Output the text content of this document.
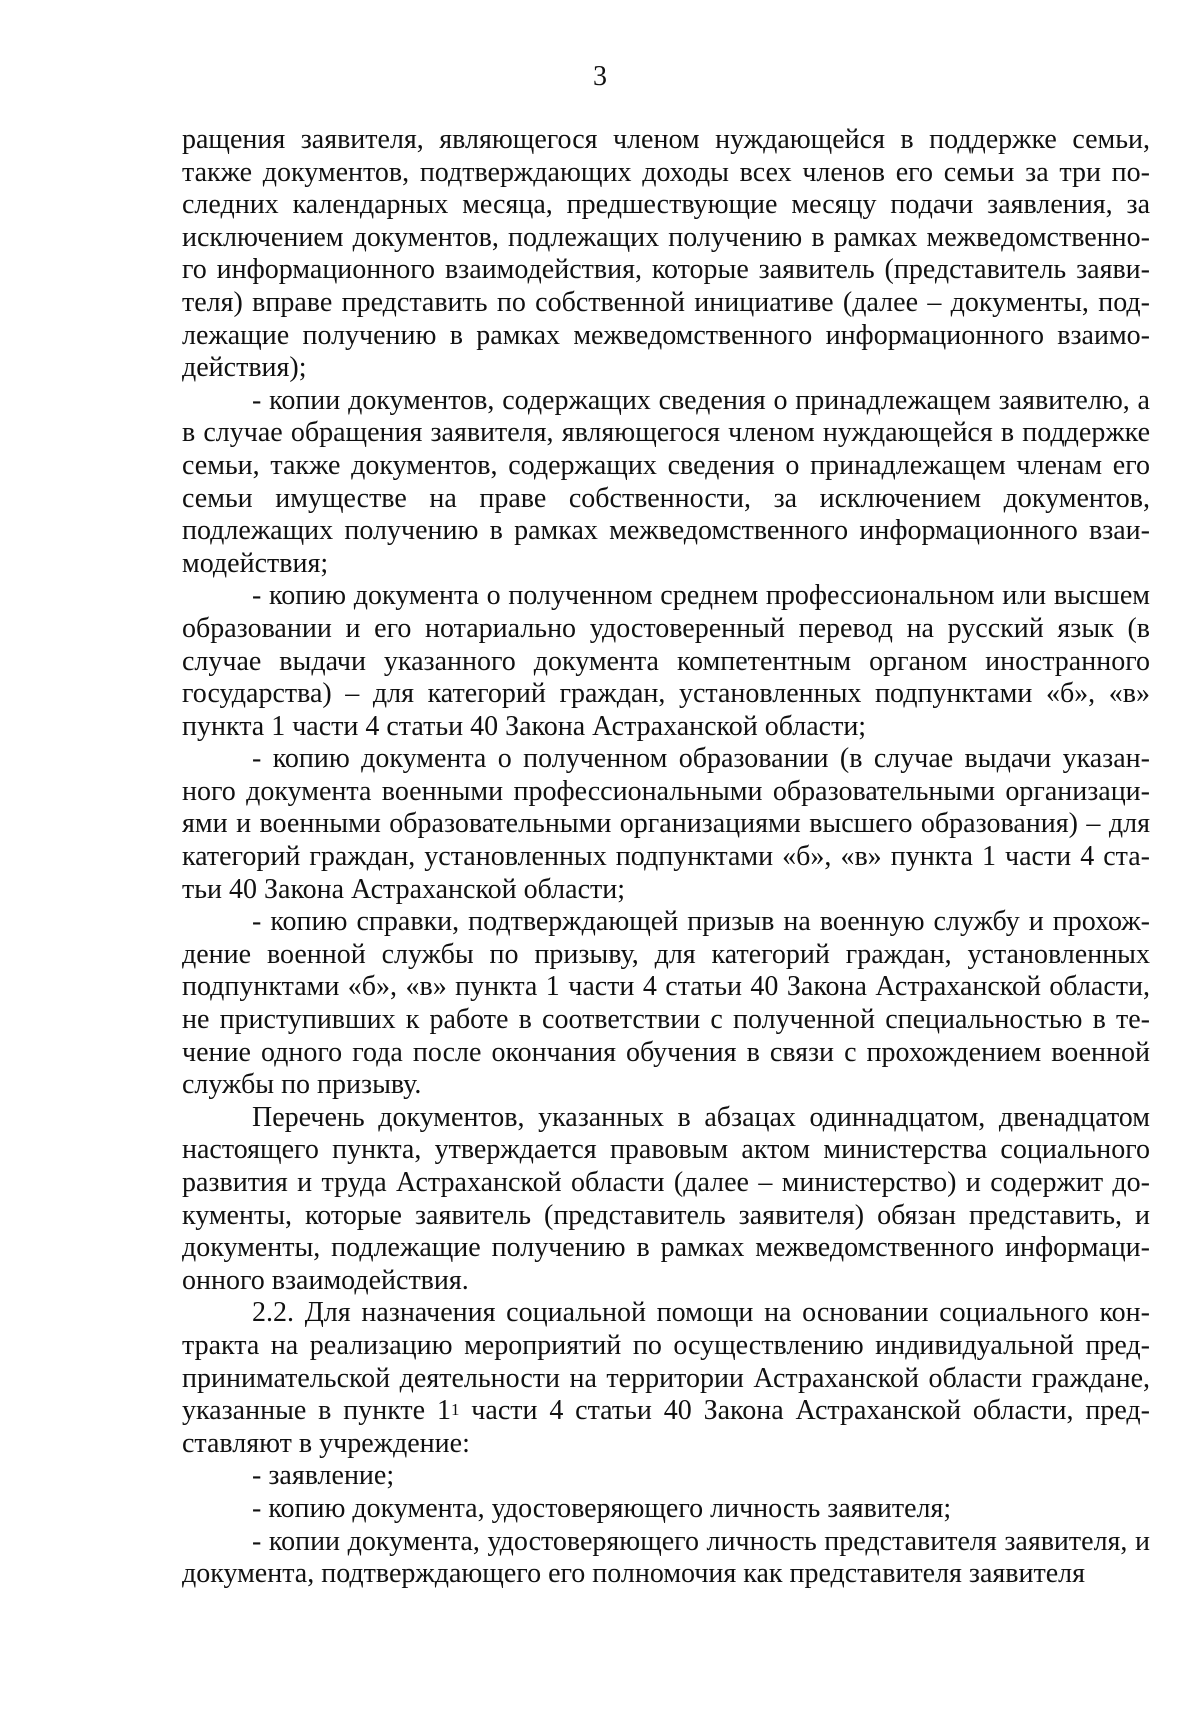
3

ращения заявителя, являющегося членом нуждающейся в поддержке семьи, также документов, подтверждающих доходы всех членов его семьи за три последних календарных месяца, предшествующие месяцу подачи заявления, за исключением документов, подлежащих получению в рамках межведомственного информационного взаимодействия, которые заявитель (представитель заявителя) вправе представить по собственной инициативе (далее – документы, подлежащие получению в рамках межведомственного информационного взаимодействия);

- копии документов, содержащих сведения о принадлежащем заявителю, а в случае обращения заявителя, являющегося членом нуждающейся в поддержке семьи, также документов, содержащих сведения о принадлежащем членам его семьи имуществе на праве собственности, за исключением документов, подлежащих получению в рамках межведомственного информационного взаимодействия;

- копию документа о полученном среднем профессиональном или высшем образовании и его нотариально удостоверенный перевод на русский язык (в случае выдачи указанного документа компетентным органом иностранного государства) – для категорий граждан, установленных подпунктами «б», «в» пункта 1 части 4 статьи 40 Закона Астраханской области;

- копию документа о полученном образовании (в случае выдачи указанного документа военными профессиональными образовательными организациями и военными образовательными организациями высшего образования) – для категорий граждан, установленных подпунктами «б», «в» пункта 1 части 4 статьи 40 Закона Астраханской области;

- копию справки, подтверждающей призыв на военную службу и прохождение военной службы по призыву, для категорий граждан, установленных подпунктами «б», «в» пункта 1 части 4 статьи 40 Закона Астраханской области, не приступивших к работе в соответствии с полученной специальностью в течение одного года после окончания обучения в связи с прохождением военной службы по призыву.

Перечень документов, указанных в абзацах одиннадцатом, двенадцатом настоящего пункта, утверждается правовым актом министерства социального развития и труда Астраханской области (далее – министерство) и содержит документы, которые заявитель (представитель заявителя) обязан представить, и документы, подлежащие получению в рамках межведомственного информационного взаимодействия.

2.2. Для назначения социальной помощи на основании социального контракта на реализацию мероприятий по осуществлению индивидуальной предпринимательской деятельности на территории Астраханской области граждане, указанные в пункте $1^1$ части 4 статьи 40 Закона Астраханской области, представляют в учреждение:

- заявление;

- копию документа, удостоверяющего личность заявителя;

- копии документа, удостоверяющего личность представителя заявителя, и документа, подтверждающего его полномочия как представителя заявителя
